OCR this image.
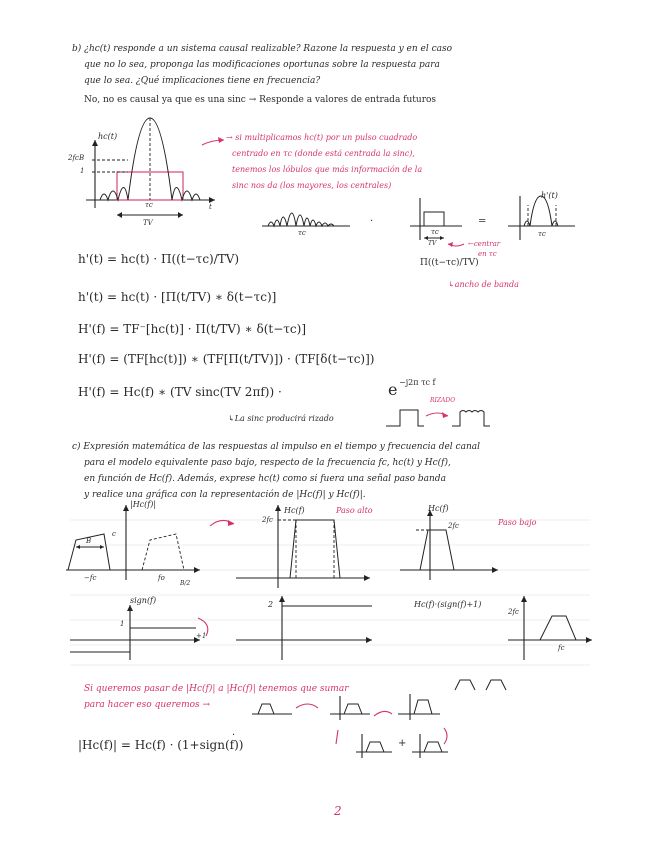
b) ¿hc(t) responde a un sistema causal realizable? Razone la respuesta y en el caso
que no lo sea, proponga las modificaciones oportunas sobre la respuesta para
que lo sea. ¿Qué implicaciones tiene en frecuencia?
No, no es causal ya que es una sinc → Responde a valores de entrada futuros
hc(t)
2fcB
1
τc	t
TV
→ si multiplicamos hc(t) por un pulso cuadrado
centrado en τc (donde está centrada la sinc),
tenemos los lóbulos que más información de la
sinc nos da (los mayores, los centrales)
·	=
τc	τc
TV
h'(t)
τc
h'(t) = hc(t) · Π((t−τc)/TV)	Π((t−τc)/TV)
←centrar
en τc
↳ancho de banda
h'(t) = hc(t) · [Π(t/TV) ∗ δ(t−τc)]
H'(f) = TF⁻[hc(t)] · Π(t/TV) ∗ δ(t−τc)]
H'(f) = (TF[hc(t)]) ∗ (TF[Π(t/TV)]) · (TF[δ(t−τc)])
H'(f) = Hc(f) ∗ (TV sinc(TV 2πf)) ·	e −j2π τc f
↳La sinc producirá rizado
RIZADO
c) Expresión matemática de las respuestas al impulso en el tiempo y frecuencia del canal
para el modelo equivalente paso bajo, respecto de la frecuencia fc, hc(t) y Hc(f),
en función de Hc(f). Además, exprese hc(t) como si fuera una señal paso banda
y realice una gráfica con la representación de |Hc(f)| y Hc(f)|.
|Hc(f)|
B
c
−fc	fo
B/2
Hc(f)
2fc
Paso alto	Hc(f)
2fc	Paso bajo
sign(f)
+1
1
2	Hc(f)·(sign(f)+1)
2fc
fc
Si queremos pasar de |Hc(f)| a |Hc(f)| tenemos que sumar
para hacer eso queremos →
+
·
|Hc(f)| = Hc(f) · (1+sign(f))
2
